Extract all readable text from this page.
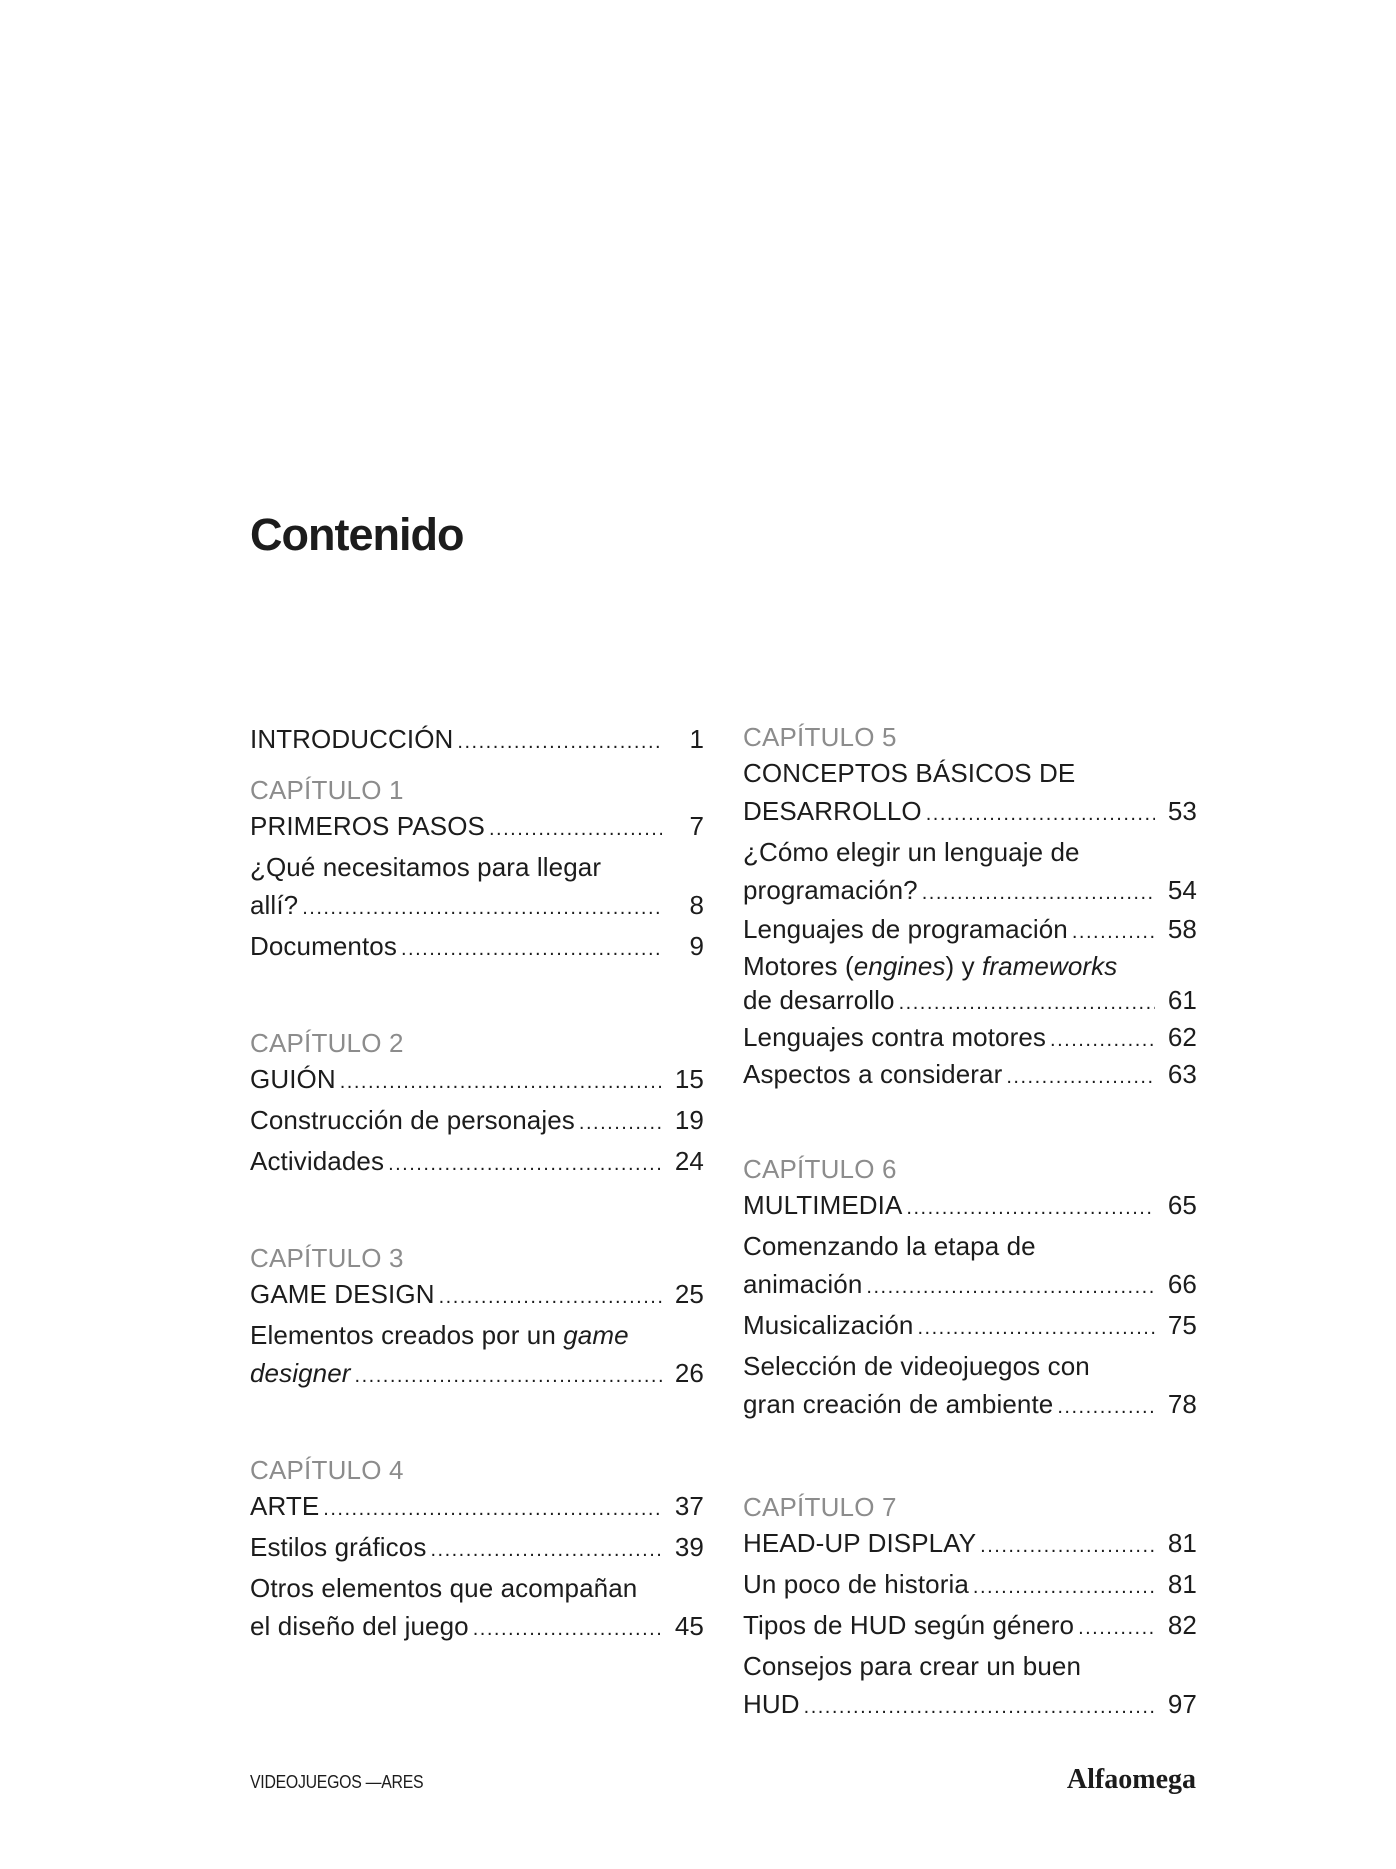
Contenido
INTRODUCCIÓN .....	1
CAPÍTULO 1
PRIMEROS PASOS .....	7
¿Qué necesitamos para llegar
allí? .....	8
Documentos .....	9
CAPÍTULO 2
GUIÓN .....	15
Construcción de personajes .....	19
Actividades .....	24
CAPÍTULO 3
GAME DESIGN .....	25
Elementos creados por un game
designer .....	26
CAPÍTULO 4
ARTE .....	37
Estilos gráficos .....	39
Otros elementos que acompañan
el diseño del juego .....	45
CAPÍTULO 5
CONCEPTOS BÁSICOS DE
DESARROLLO .....	53
¿Cómo elegir un lenguaje de
programación? .....	54
Lenguajes de programación .....	58
Motores (engines) y frameworks
de desarrollo .....	61
Lenguajes contra motores .....	62
Aspectos a considerar .....	63
CAPÍTULO 6
MULTIMEDIA .....	65
Comenzando la etapa de
animación .....	66
Musicalización .....	75
Selección de videojuegos con
gran creación de ambiente .....	78
CAPÍTULO 7
HEAD-UP DISPLAY .....	81
Un poco de historia .....	81
Tipos de HUD según género .....	82
Consejos para crear un buen
HUD .....	97
VIDEOJUEGOS —ARES	Alfaomega
